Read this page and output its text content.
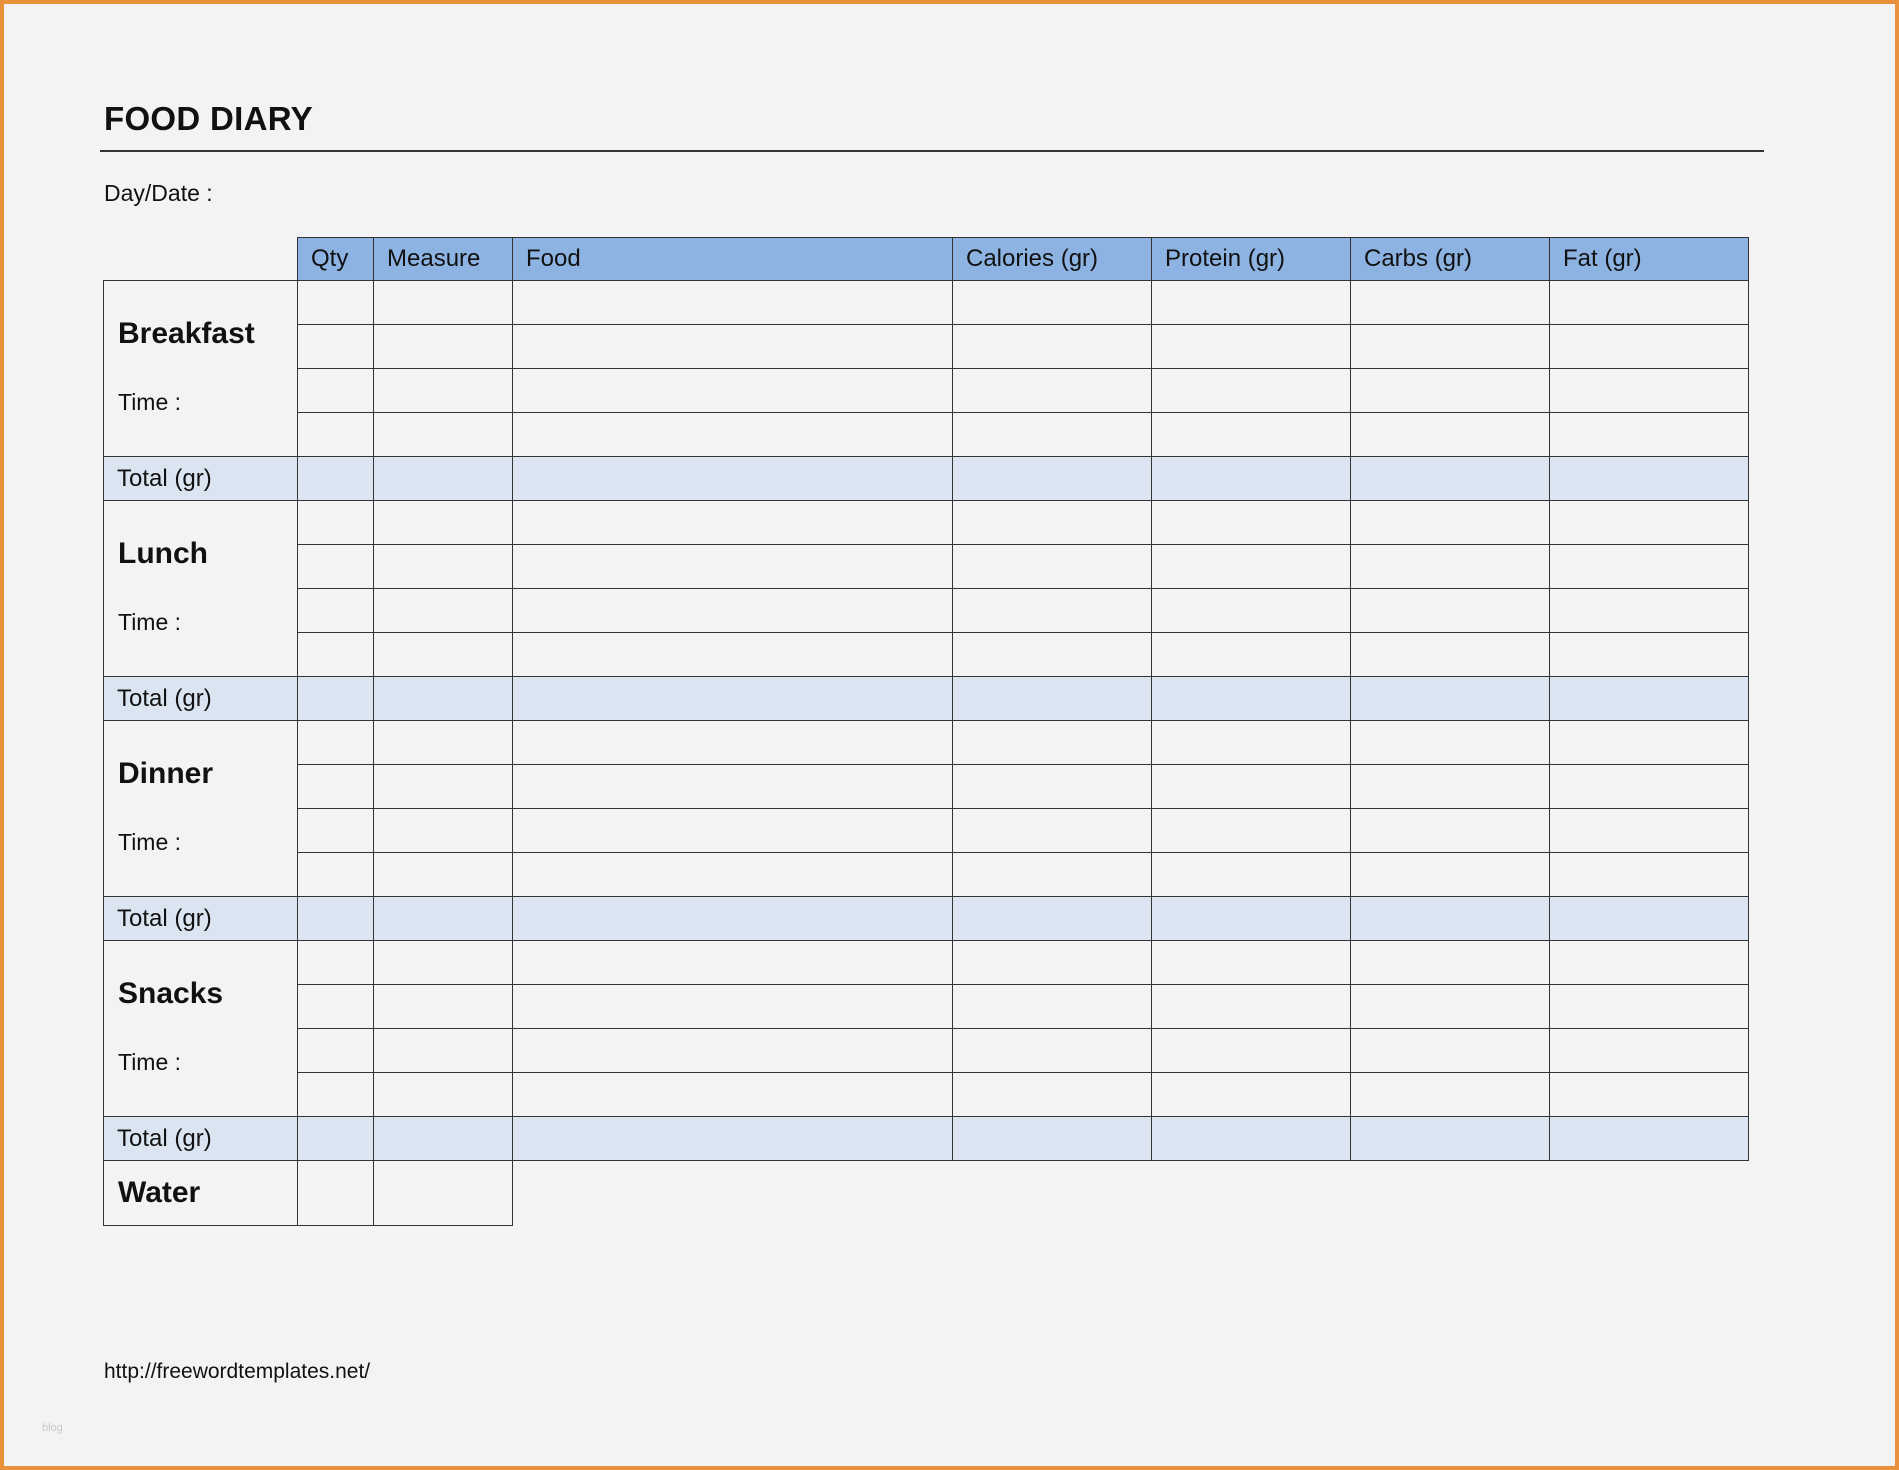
FOOD DIARY
Day/Date :
	Qty	Measure	Food	Calories (gr)	Protein (gr)	Carbs (gr)	Fat (gr)

Breakfast
Time :							

Total (gr)							

Lunch
Time :							

Total (gr)							

Dinner
Time :							

Total (gr)							

Snacks
Time :							

Total (gr)							
Water							
http://freewordtemplates.net/
blog
